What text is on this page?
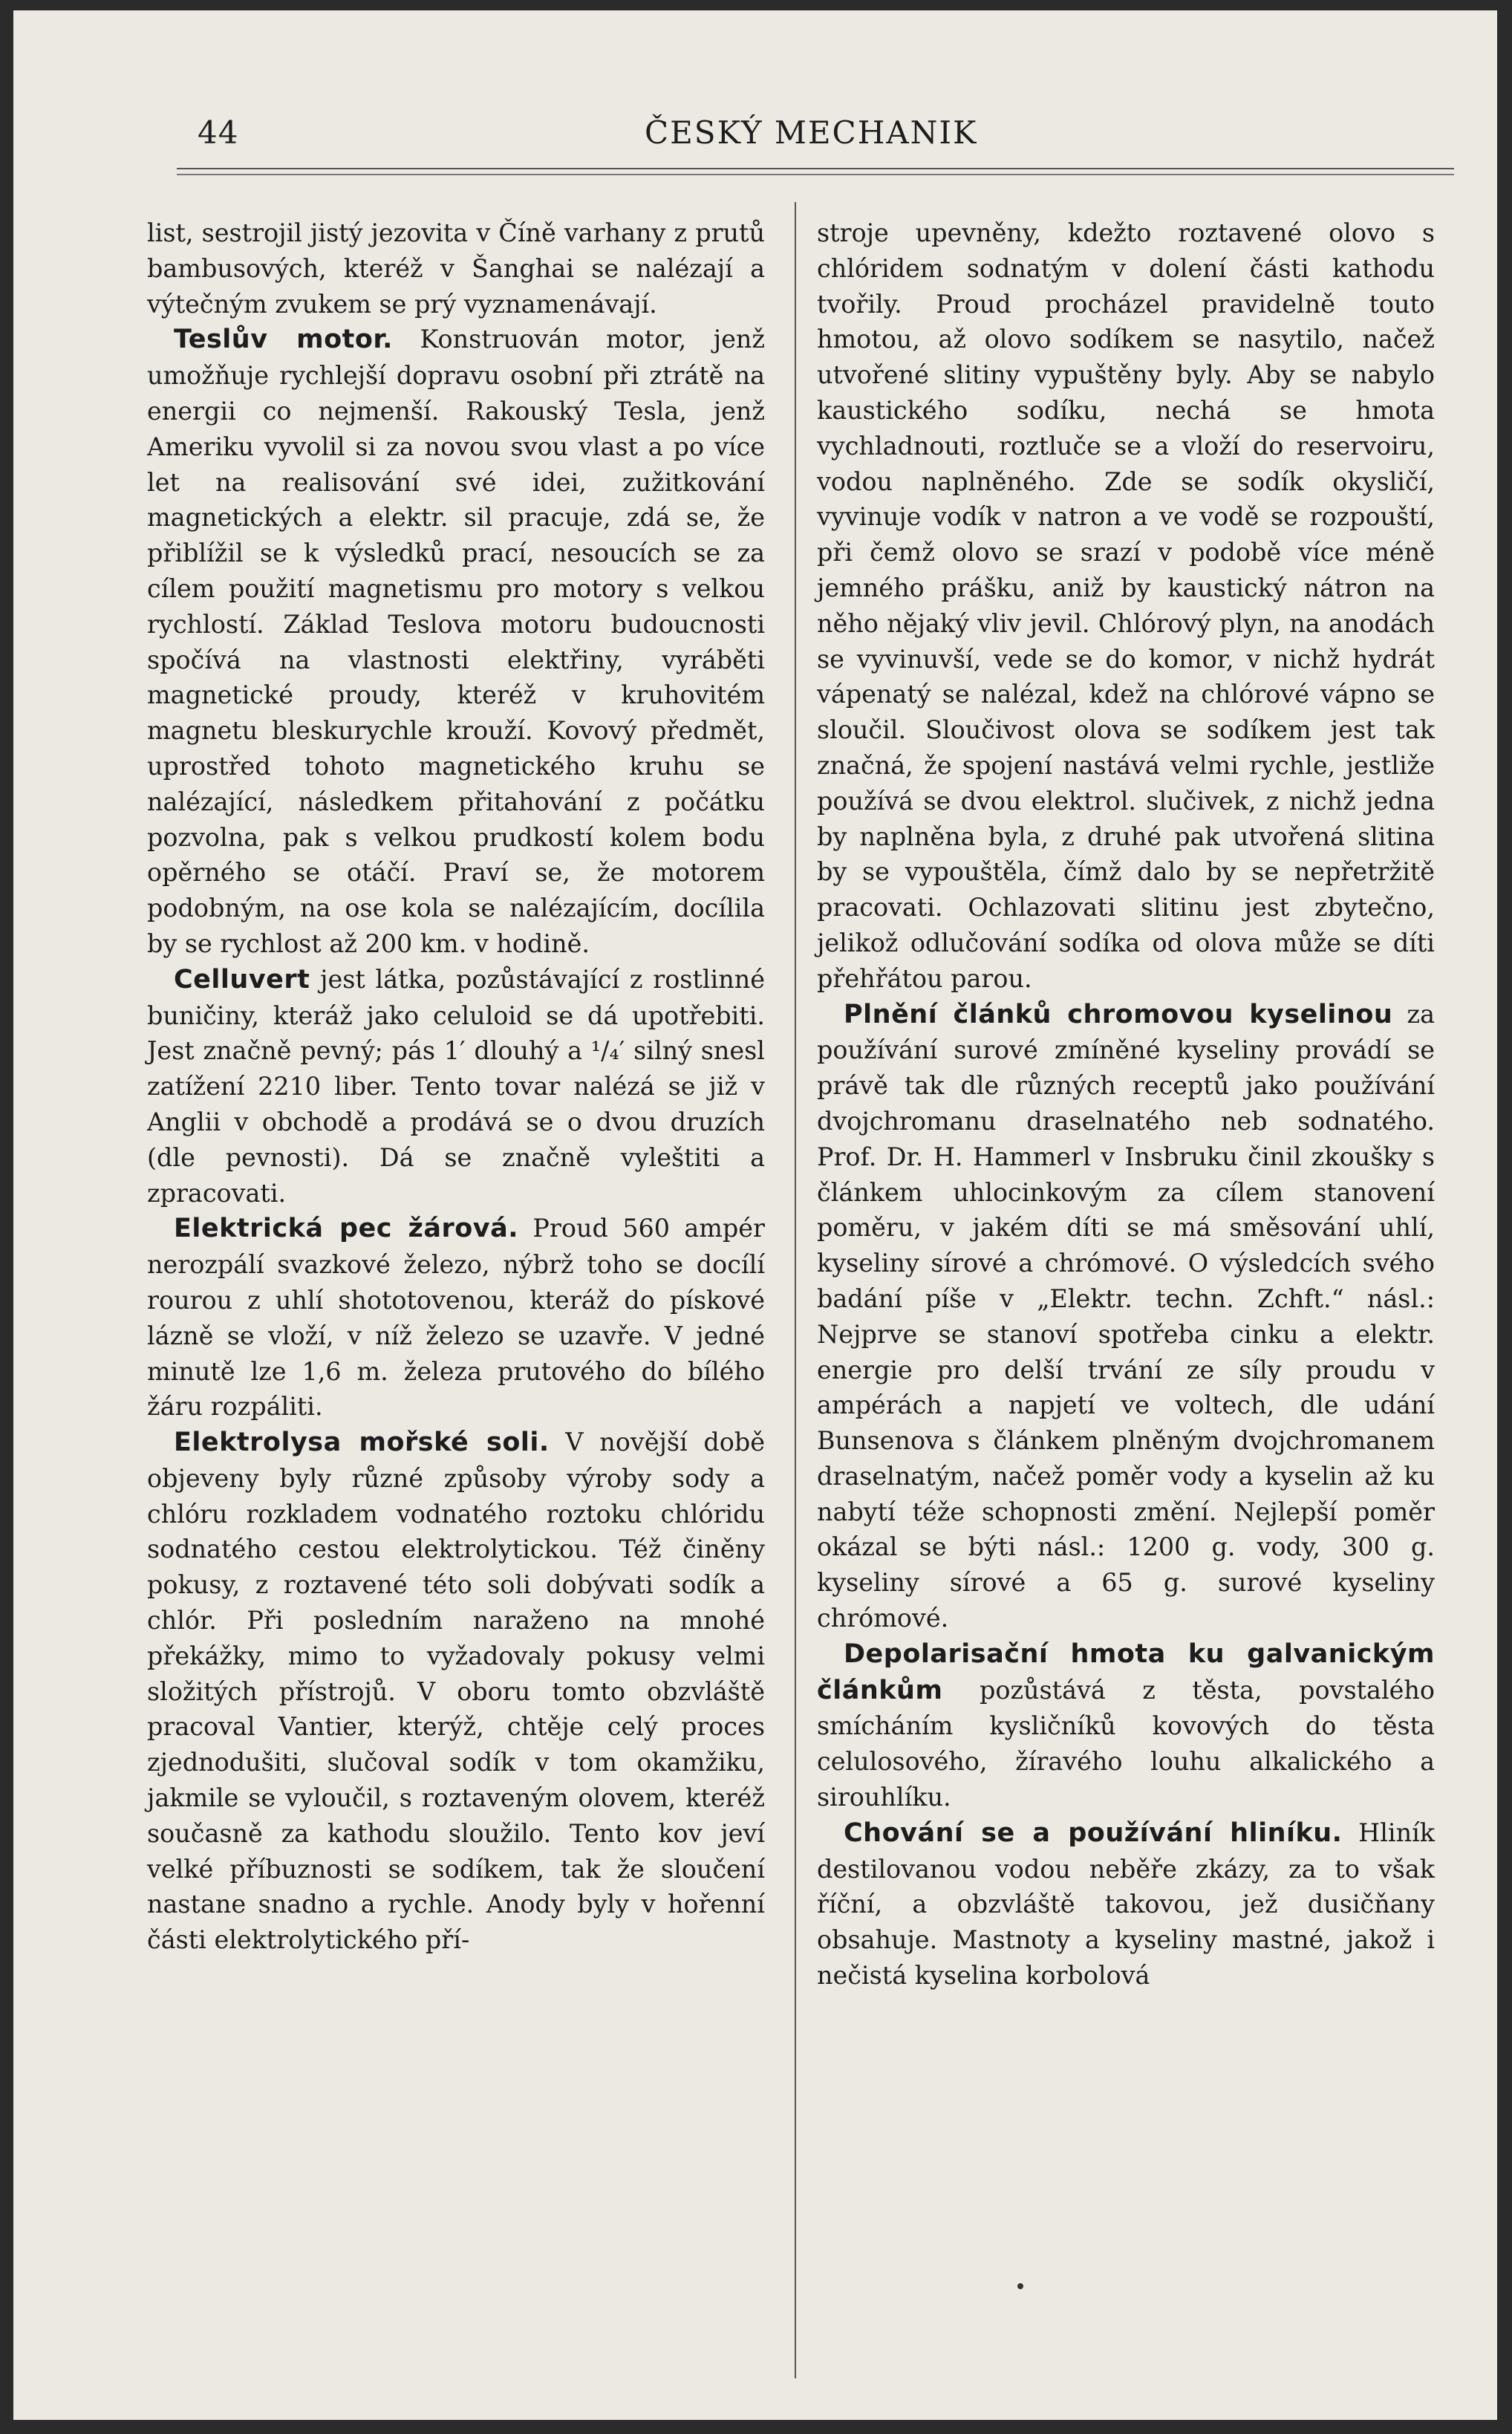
44	ČESKÝ MECHANIK

list, sestrojil jistý jezovita v Číně varhany z prutů bambusových, kteréž v Šanghai se nalézají a výtečným zvukem se prý vyznamenávají.

Teslův motor. Konstruován motor, jenž umožňuje rychlejší dopravu osobní při ztrátě na energii co nejmenší. Rakouský Tesla, jenž Ameriku vyvolil si za novou svou vlast a po více let na realisování své idei, zužitkování magnetických a elektr. sil pracuje, zdá se, že přiblížil se k výsledků prací, nesoucích se za cílem použití magnetismu pro motory s velkou rychlostí. Základ Teslova motoru budoucnosti spočívá na vlastnosti elektřiny, vyráběti magnetické proudy, kteréž v kruhovitém magnetu bleskurychle krouží. Kovový předmět, uprostřed tohoto magnetického kruhu se nalézající, následkem přitahování z počátku pozvolna, pak s velkou prudkostí kolem bodu opěrného se otáčí. Praví se, že motorem podobným, na ose kola se nalézajícím, docílila by se rychlost až 200 km. v hodině.

Celluvert jest látka, pozůstávající z rostlinné buničiny, kteráž jako celuloid se dá upotřebiti. Jest značně pevný; pás 1′ dlouhý a ¹/₄′ silný snesl zatížení 2210 liber. Tento tovar nalézá se již v Anglii v obchodě a prodává se o dvou druzích (dle pevnosti). Dá se značně vyleštiti a zpracovati.

Elektrická pec žárová. Proud 560 ampér nerozpálí svazkové železo, nýbrž toho se docílí rourou z uhlí shototovenou, kteráž do pískové lázně se vloží, v níž železo se uzavře. V jedné minutě lze 1,6 m. železa prutového do bílého žáru rozpáliti.

Elektrolysa mořské soli. V novější době objeveny byly různé způsoby výroby sody a chlóru rozkladem vodnatého roztoku chlóridu sodnatého cestou elektrolytickou. Též činěny pokusy, z roztavené této soli dobývati sodík a chlór. Při posledním naraženo na mnohé překážky, mimo to vyžadovaly pokusy velmi složitých přístrojů. V oboru tomto obzvláště pracoval Vantier, kterýž, chtěje celý proces zjednodušiti, slučoval sodík v tom okamžiku, jakmile se vyloučil, s roztaveným olovem, kteréž současně za kathodu sloužilo. Tento kov jeví velké příbuznosti se sodíkem, tak že sloučení nastane snadno a rychle. Anody byly v hořenní části elektrolytického pří-

stroje upevněny, kdežto roztavené olovo s chlóridem sodnatým v dolení části kathodu tvořily. Proud procházel pravidelně touto hmotou, až olovo sodíkem se nasytilo, načež utvořené slitiny vypuštěny byly. Aby se nabylo kaustického sodíku, nechá se hmota vychladnouti, roztluče se a vloží do reservoiru, vodou naplněného. Zde se sodík okysličí, vyvinuje vodík v natron a ve vodě se rozpouští, při čemž olovo se srazí v podobě více méně jemného prášku, aniž by kaustický nátron na něho nějaký vliv jevil. Chlórový plyn, na anodách se vyvinuvší, vede se do komor, v nichž hydrát vápenatý se nalézal, kdež na chlórové vápno se sloučil. Sloučivost olova se sodíkem jest tak značná, že spojení nastává velmi rychle, jestliže používá se dvou elektrol. slučivek, z nichž jedna by naplněna byla, z druhé pak utvořená slitina by se vypouštěla, čímž dalo by se nepřetržitě pracovati. Ochlazovati slitinu jest zbytečno, jelikož odlučování sodíka od olova může se díti přehřátou parou.

Plnění článků chromovou kyselinou za používání surové zmíněné kyseliny provádí se právě tak dle různých receptů jako používání dvojchromanu draselnatého neb sodnatého. Prof. Dr. H. Hammerl v Insbruku činil zkoušky s článkem uhlocinkovým za cílem stanovení poměru, v jakém díti se má směsování uhlí, kyseliny sírové a chrómové. O výsledcích svého badání píše v „Elektr. techn. Zchft.“ násl.: Nejprve se stanoví spotřeba cinku a elektr. energie pro delší trvání ze síly proudu v ampérách a napjetí ve voltech, dle udání Bunsenova s článkem plněným dvojchromanem draselnatým, načež poměr vody a kyselin až ku nabytí téže schopnosti změní. Nejlepší poměr okázal se býti násl.: 1200 g. vody, 300 g. kyseliny sírové a 65 g. surové kyseliny chrómové.

Depolarisační hmota ku galvanickým článkům pozůstává z těsta, povstalého smícháním kysličníků kovových do těsta celulosového, žíravého louhu alkalického a sirouhlíku.

Chování se a používání hliníku. Hliník destilovanou vodou neběře zkázy, za to však říční, a obzvláště takovou, jež dusičňany obsahuje. Mastnoty a kyseliny mastné, jakož i nečistá kyselina korbolová
